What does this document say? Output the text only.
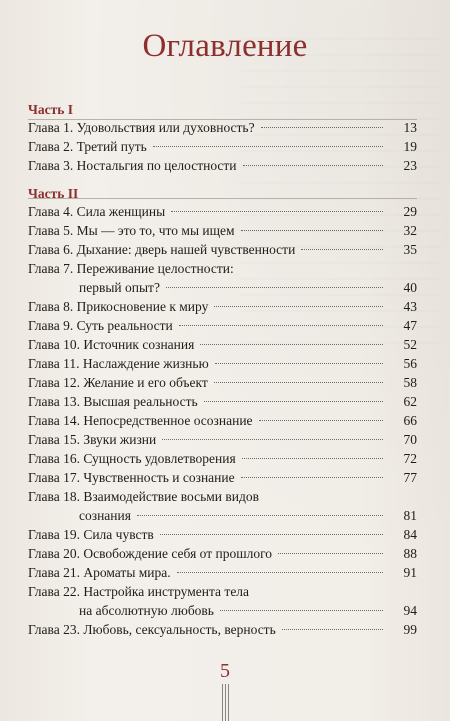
Оглавление
Часть I
Глава 1. Удовольствия или духовность?	13
Глава 2. Третий путь	19
Глава 3. Ностальгия по целостности	23
Часть II
Глава 4. Сила женщины	29
Глава 5. Мы — это то, что мы ищем	32
Глава 6. Дыхание: дверь нашей чувственности	35
Глава 7. Переживание целостности:
первый опыт?	40
Глава 8. Прикосновение к миру	43
Глава 9. Суть реальности	47
Глава 10. Источник сознания	52
Глава 11. Наслаждение жизнью	56
Глава 12. Желание и его объект	58
Глава 13. Высшая реальность	62
Глава 14. Непосредственное осознание	66
Глава 15. Звуки жизни	70
Глава 16. Сущность удовлетворения	72
Глава 17. Чувственность и сознание	77
Глава 18. Взаимодействие восьми видов
сознания	81
Глава 19. Сила чувств	84
Глава 20. Освобождение себя от прошлого	88
Глава 21. Ароматы мира.	91
Глава 22. Настройка инструмента тела
на абсолютную любовь	94
Глава 23. Любовь, сексуальность, верность	99
5
